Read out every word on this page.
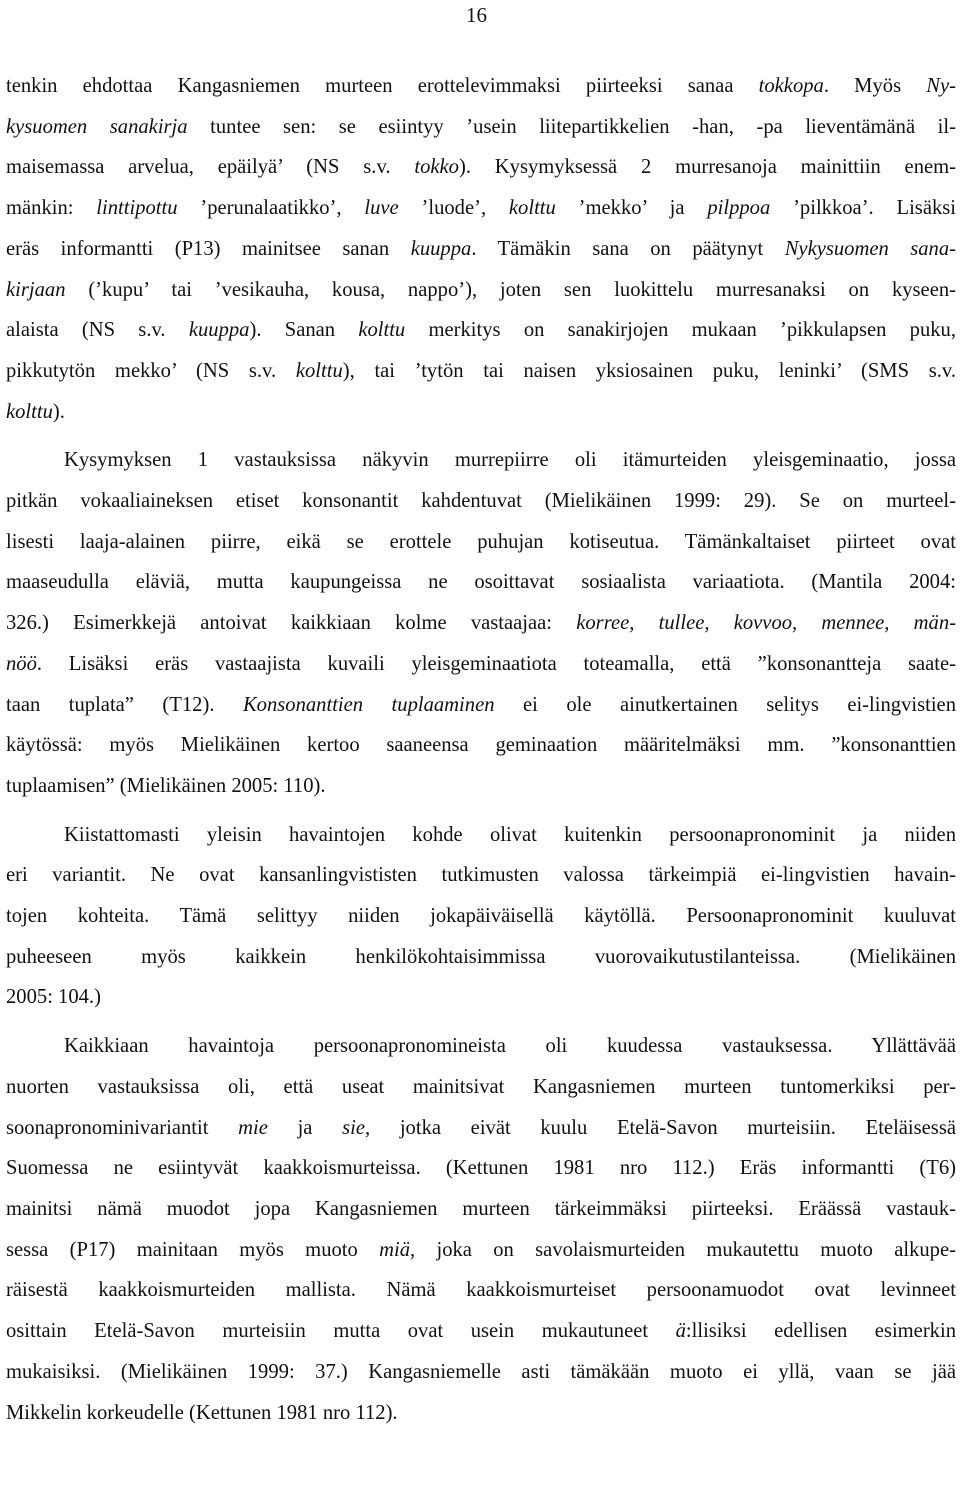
16

tenkin ehdottaa Kangasniemen murteen erottelevimmaksi piirteeksi sanaa tokkopa. Myös Ny-
kysuomen sanakirja tuntee sen: se esiintyy ’usein liitepartikkelien -han, -pa lieventämänä il-
maisemassa arvelua, epäilyä’ (NS s.v. tokko). Kysymyksessä 2 murresanoja mainittiin enem-
mänkin: linttipottu ’perunalaatikko’, luve ’luode’, kolttu ’mekko’ ja pilppoa ’pilkkoa’. Lisäksi
eräs informantti (P13) mainitsee sanan kuuppa. Tämäkin sana on päätynyt Nykysuomen sana-
kirjaan (’kupu’ tai ’vesikauha, kousa, nappo’), joten sen luokittelu murresanaksi on kyseen-
alaista (NS s.v. kuuppa). Sanan kolttu merkitys on sanakirjojen mukaan ’pikkulapsen puku,
pikkutytön mekko’ (NS s.v. kolttu), tai ’tytön tai naisen yksiosainen puku, leninki’ (SMS s.v.
kolttu).

Kysymyksen 1 vastauksissa näkyvin murrepiirre oli itämurteiden yleisgeminaatio, jossa
pitkän vokaaliaineksen etiset konsonantit kahdentuvat (Mielikäinen 1999: 29). Se on murteel-
lisesti laaja-alainen piirre, eikä se erottele puhujan kotiseutua. Tämänkaltaiset piirteet ovat
maaseudulla eläviä, mutta kaupungeissa ne osoittavat sosiaalista variaatiota. (Mantila 2004:
326.) Esimerkkejä antoivat kaikkiaan kolme vastaajaa: korree, tullee, kovvoo, mennee, män-
nöö. Lisäksi eräs vastaajista kuvaili yleisgeminaatiota toteamalla, että ”konsonantteja saate-
taan tuplata” (T12). Konsonanttien tuplaaminen ei ole ainutkertainen selitys ei-lingvistien
käytössä: myös Mielikäinen kertoo saaneensa geminaation määritelmäksi mm. ”konsonanttien
tuplaamisen” (Mielikäinen 2005: 110).

Kiistattomasti yleisin havaintojen kohde olivat kuitenkin persoonapronominit ja niiden
eri variantit. Ne ovat kansanlingvististen tutkimusten valossa tärkeimpiä ei-lingvistien havain-
tojen kohteita. Tämä selittyy niiden jokapäiväisellä käytöllä. Persoonapronominit kuuluvat
puheeseen myös kaikkein henkilökohtaisimmissa vuorovaikutustilanteissa. (Mielikäinen
2005: 104.)

Kaikkiaan havaintoja persoonapronomineista oli kuudessa vastauksessa. Yllättävää
nuorten vastauksissa oli, että useat mainitsivat Kangasniemen murteen tuntomerkiksi per-
soonapronominivariantit mie ja sie, jotka eivät kuulu Etelä-Savon murteisiin. Eteläisessä
Suomessa ne esiintyvät kaakkoismurteissa. (Kettunen 1981 nro 112.) Eräs informantti (T6)
mainitsi nämä muodot jopa Kangasniemen murteen tärkeimmäksi piirteeksi. Eräässä vastauk-
sessa (P17) mainitaan myös muoto miä, joka on savolaismurteiden mukautettu muoto alkupe-
räisestä kaakkoismurteiden mallista. Nämä kaakkoismurteiset persoonamuodot ovat levinneet
osittain Etelä-Savon murteisiin mutta ovat usein mukautuneet ä:llisiksi edellisen esimerkin
mukaisiksi. (Mielikäinen 1999: 37.) Kangasniemelle asti tämäkään muoto ei yllä, vaan se jää
Mikkelin korkeudelle (Kettunen 1981 nro 112).
